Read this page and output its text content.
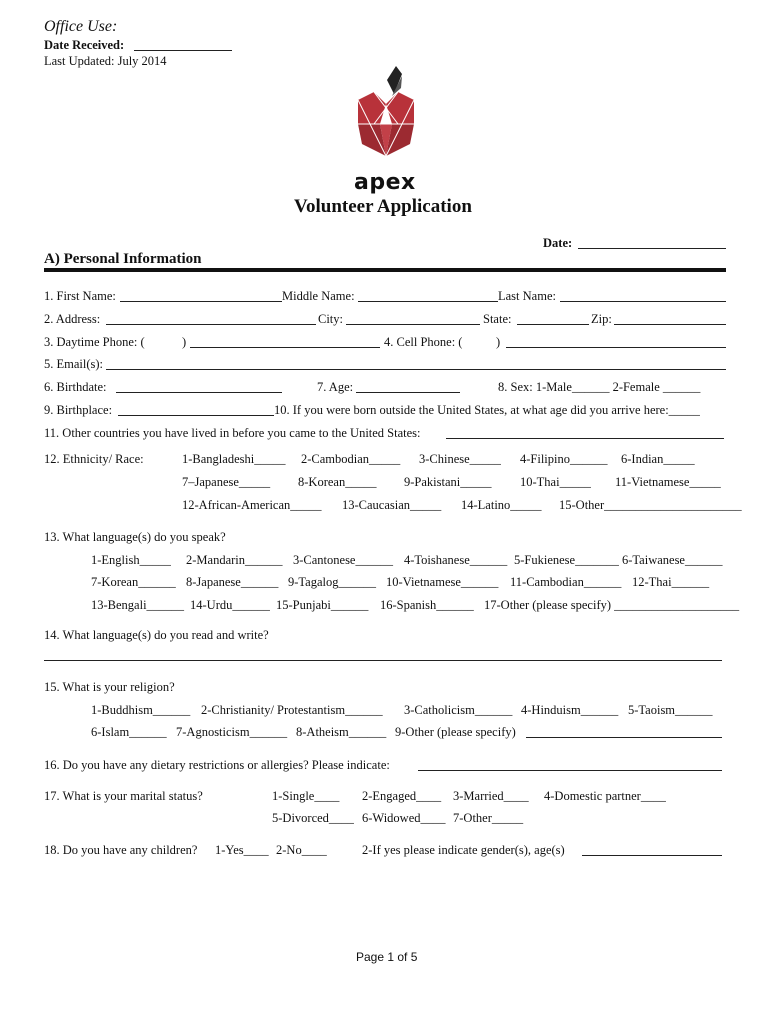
Office Use:
Date Received:
Last Updated: July 2014
apex
Volunteer Application
Date:
A) Personal Information
1. First Name:	Middle Name:	Last Name:
2. Address:	City:	State:	Zip:
3. Daytime Phone: (	)	4. Cell Phone: (	)
5. Email(s):
6. Birthdate:	7. Age:	8. Sex: 1-Male______ 2-Female ______
9. Birthplace:	10. If you were born outside the United States, at what age did you arrive here:_____
11. Other countries you have lived in before you came to the United States:
12. Ethnicity/ Race:	1-Bangladeshi_____ 2-Cambodian_____ 3-Chinese_____ 4-Filipino______ 6-Indian_____
7–Japanese_____ 8-Korean_____ 9-Pakistani_____ 10-Thai_____ 11-Vietnamese_____
12-African-American_____ 13-Caucasian_____ 14-Latino_____ 15-Other______________________
13. What language(s) do you speak?
1-English_____ 2-Mandarin______ 3-Cantonese______ 4-Toishanese______ 5-Fukienese_______ 6-Taiwanese______
7-Korean______ 8-Japanese______ 9-Tagalog______ 10-Vietnamese______ 11-Cambodian______ 12-Thai______
13-Bengali______ 14-Urdu______ 15-Punjabi______ 16-Spanish______ 17-Other (please specify) ____________________
14. What language(s) do you read and write?
15. What is your religion?
1-Buddhism______ 2-Christianity/ Protestantism______ 3-Catholicism______ 4-Hinduism______ 5-Taoism______
6-Islam______ 7-Agnosticism______ 8-Atheism______ 9-Other (please specify)
16. Do you have any dietary restrictions or allergies? Please indicate:
17. What is your marital status?	1-Single____ 2-Engaged____ 3-Married____ 4-Domestic partner____
5-Divorced____ 6-Widowed____ 7-Other_____
18. Do you have any children? 1-Yes____ 2-No____	2-If yes please indicate gender(s), age(s)
Page 1 of 5
